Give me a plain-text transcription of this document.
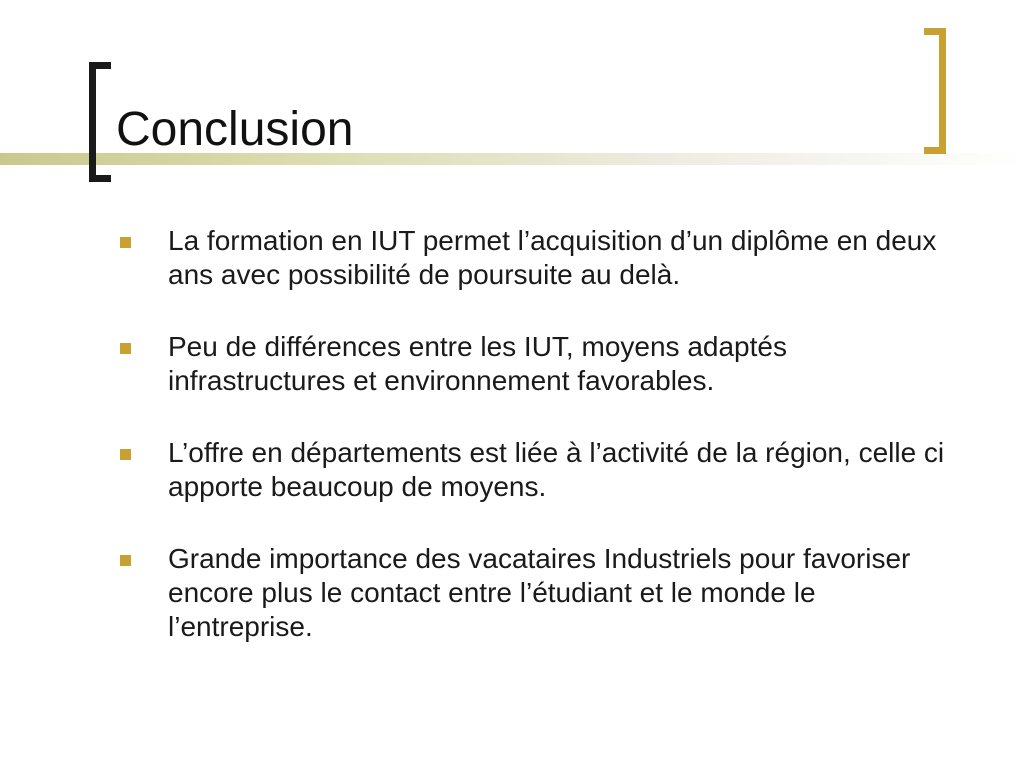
Conclusion
La formation en IUT permet l’acquisition d’un diplôme en deux ans avec possibilité de poursuite au delà.
Peu de différences entre les IUT, moyens adaptés infrastructures et environnement favorables.
L’offre en départements est liée à l’activité de la région, celle ci apporte beaucoup de moyens.
Grande importance des vacataires Industriels pour favoriser encore plus le contact entre l’étudiant et le monde le l’entreprise.
